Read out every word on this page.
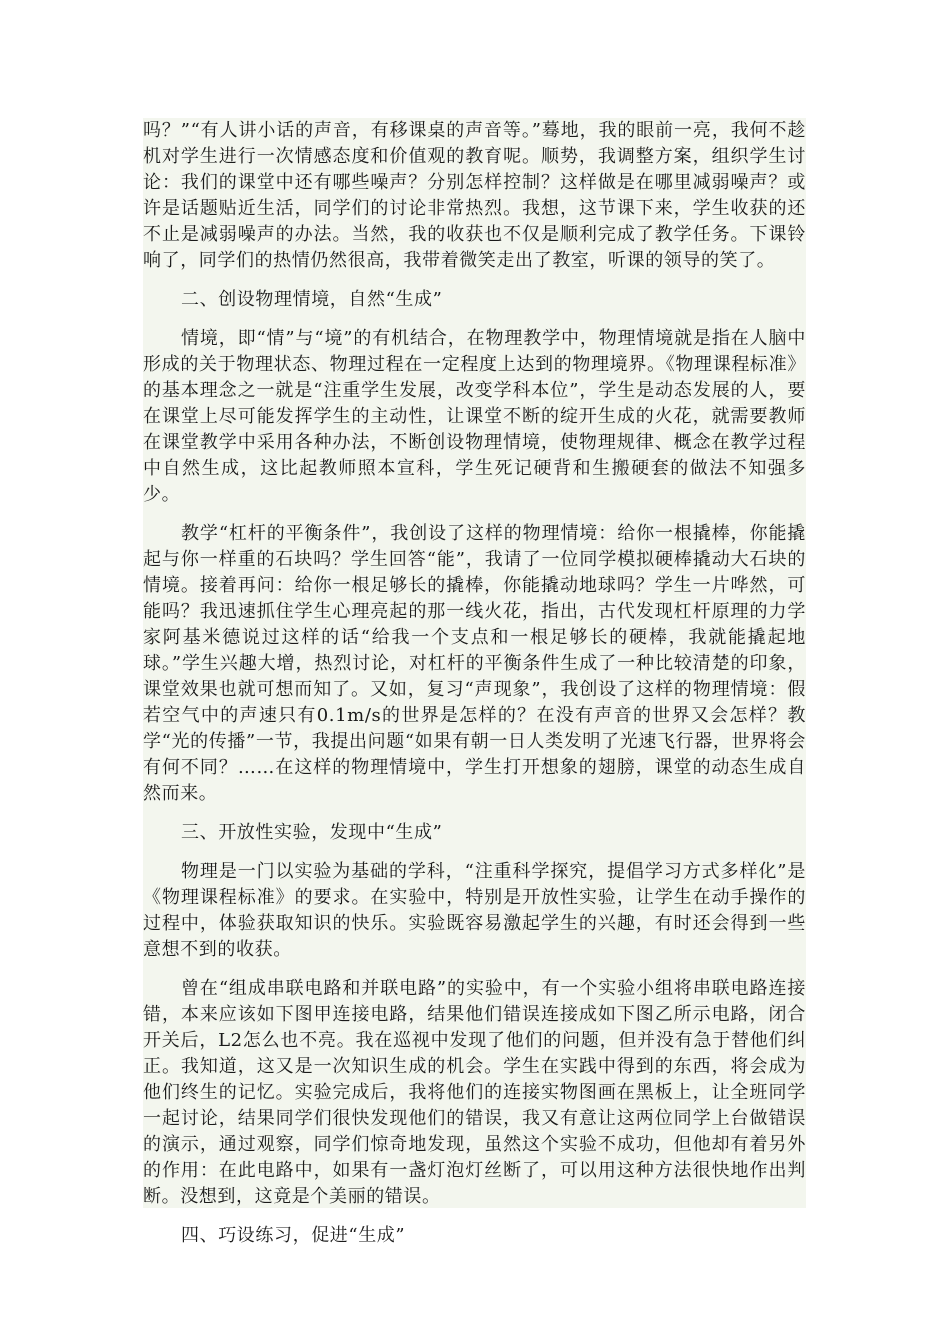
吗？”“有人讲小话的声音，有移课桌的声音等。”蓦地，我的眼前一亮，我何不趁机对学生进行一次情感态度和价值观的教育呢。顺势，我调整方案，组织学生讨论：我们的课堂中还有哪些噪声？分别怎样控制？这样做是在哪里减弱噪声？或许是话题贴近生活，同学们的讨论非常热烈。我想，这节课下来，学生收获的还不止是减弱噪声的办法。当然，我的收获也不仅是顺利完成了教学任务。下课铃响了，同学们的热情仍然很高，我带着微笑走出了教室，听课的领导的笑了。

二、创设物理情境，自然“生成”

情境，即“情”与“境”的有机结合，在物理教学中，物理情境就是指在人脑中形成的关于物理状态、物理过程在一定程度上达到的物理境界。《物理课程标准》的基本理念之一就是“注重学生发展，改变学科本位”，学生是动态发展的人，要在课堂上尽可能发挥学生的主动性，让课堂不断的绽开生成的火花，就需要教师在课堂教学中采用各种办法，不断创设物理情境，使物理规律、概念在教学过程中自然生成，这比起教师照本宣科，学生死记硬背和生搬硬套的做法不知强多少。

教学“杠杆的平衡条件”，我创设了这样的物理情境：给你一根撬棒，你能撬起与你一样重的石块吗？学生回答“能”，我请了一位同学模拟硬棒撬动大石块的情境。接着再问：给你一根足够长的撬棒，你能撬动地球吗？学生一片哗然，可能吗？我迅速抓住学生心理亮起的那一线火花，指出，古代发现杠杆原理的力学家阿基米德说过这样的话“给我一个支点和一根足够长的硬棒，我就能撬起地球。”学生兴趣大增，热烈讨论，对杠杆的平衡条件生成了一种比较清楚的印象，课堂效果也就可想而知了。又如，复习“声现象”，我创设了这样的物理情境：假若空气中的声速只有0.1m/s的世界是怎样的？在没有声音的世界又会怎样？教学“光的传播”一节，我提出问题“如果有朝一日人类发明了光速飞行器，世界将会有何不同？……在这样的物理情境中，学生打开想象的翅膀，课堂的动态生成自然而来。

三、开放性实验，发现中“生成”

物理是一门以实验为基础的学科，“注重科学探究，提倡学习方式多样化”是《物理课程标准》的要求。在实验中，特别是开放性实验，让学生在动手操作的过程中，体验获取知识的快乐。实验既容易激起学生的兴趣，有时还会得到一些意想不到的收获。

曾在“组成串联电路和并联电路”的实验中，有一个实验小组将串联电路连接错，本来应该如下图甲连接电路，结果他们错误连接成如下图乙所示电路，闭合开关后，L2怎么也不亮。我在巡视中发现了他们的问题，但并没有急于替他们纠正。我知道，这又是一次知识生成的机会。学生在实践中得到的东西，将会成为他们终生的记忆。实验完成后，我将他们的连接实物图画在黑板上，让全班同学一起讨论，结果同学们很快发现他们的错误，我又有意让这两位同学上台做错误的演示，通过观察，同学们惊奇地发现，虽然这个实验不成功，但他却有着另外的作用：在此电路中，如果有一盏灯泡灯丝断了，可以用这种方法很快地作出判断。没想到，这竟是个美丽的错误。

四、巧设练习，促进“生成”
